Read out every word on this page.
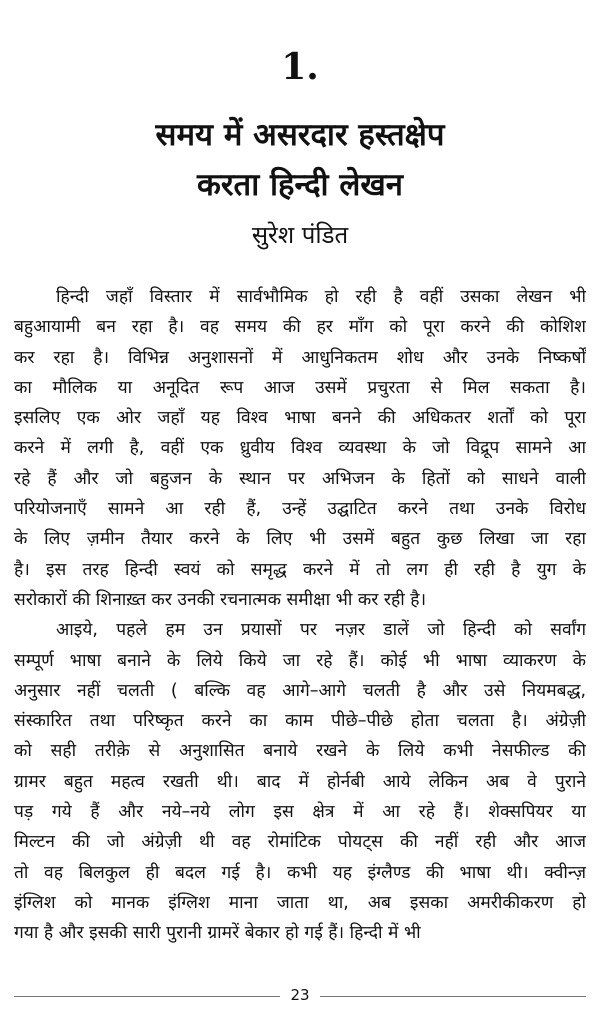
1.
समय में असरदार हस्तक्षेप
करता हिन्दी लेखन
सुरेश पंडित
हिन्दी जहाँ विस्तार में सार्वभौमिक हो रही है वहीं उसका लेखन भी
बहुआयामी बन रहा है। वह समय की हर माँग को पूरा करने की कोशिश
कर रहा है। विभिन्न अनुशासनों में आधुनिकतम शोध और उनके निष्कर्षों
का मौलिक या अनूदित रूप आज उसमें प्रचुरता से मिल सकता है।
इसलिए एक ओर जहाँ यह विश्व भाषा बनने की अधिकतर शर्तों को पूरा
करने में लगी है, वहीं एक ध्रुवीय विश्व व्यवस्था के जो विद्रूप सामने आ
रहे हैं और जो बहुजन के स्थान पर अभिजन के हितों को साधने वाली
परियोजनाएँ सामने आ रही हैं, उन्हें उद्घाटित करने तथा उनके विरोध
के लिए ज़मीन तैयार करने के लिए भी उसमें बहुत कुछ लिखा जा रहा
है। इस तरह हिन्दी स्वयं को समृद्ध करने में तो लग ही रही है युग के
सरोकारों की शिनाख़्त कर उनकी रचनात्मक समीक्षा भी कर रही है।
आइये, पहले हम उन प्रयासों पर नज़र डालें जो हिन्दी को सर्वांग
सम्पूर्ण भाषा बनाने के लिये किये जा रहे हैं। कोई भी भाषा व्याकरण के
अनुसार नहीं चलती ( बल्कि वह आगे–आगे चलती है और उसे नियमबद्ध,
संस्कारित तथा परिष्कृत करने का काम पीछे–पीछे होता चलता है। अंग्रेज़ी
को सही तरीक़े से अनुशासित बनाये रखने के लिये कभी नेसफील्ड की
ग्रामर बहुत महत्व रखती थी। बाद में होर्नबी आये लेकिन अब वे पुराने
पड़ गये हैं और नये–नये लोग इस क्षेत्र में आ रहे हैं। शेक्सपियर या
मिल्टन की जो अंग्रेज़ी थी वह रोमांटिक पोयट्स की नहीं रही और आज
तो वह बिलकुल ही बदल गई है। कभी यह इंग्लैण्ड की भाषा थी। क्वीन्ज़
इंग्लिश को मानक इंग्लिश माना जाता था, अब इसका अमरीकीकरण हो
गया है और इसकी सारी पुरानी ग्रामरें बेकार हो गई हैं। हिन्दी में भी
23
